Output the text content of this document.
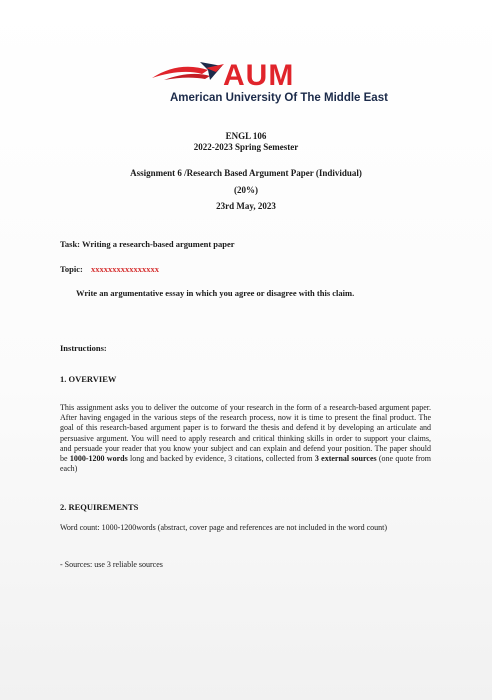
AUM
American University Of The Middle East
ENGL 106
2022-2023 Spring Semester
Assignment 6 /Research Based Argument Paper (Individual)
(20%)
23rd May, 2023
Task: Writing a research-based argument paper
Topic: xxxxxxxxxxxxxxxx
Write an argumentative essay in which you agree or disagree with this claim.
Instructions:
1. OVERVIEW
This assignment asks you to deliver the outcome of your research in the form of a research-based argument paper. After having engaged in the various steps of the research process, now it is time to present the final product. The goal of this research-based argument paper is to forward the thesis and defend it by developing an articulate and persuasive argument. You will need to apply research and critical thinking skills in order to support your claims, and persuade your reader that you know your subject and can explain and defend your position. The paper should be 1000-1200 words long and backed by evidence, 3 citations, collected from 3 external sources (one quote from each)
2. REQUIREMENTS
Word count: 1000-1200words (abstract, cover page and references are not included in the word count)
- Sources: use 3 reliable sources
